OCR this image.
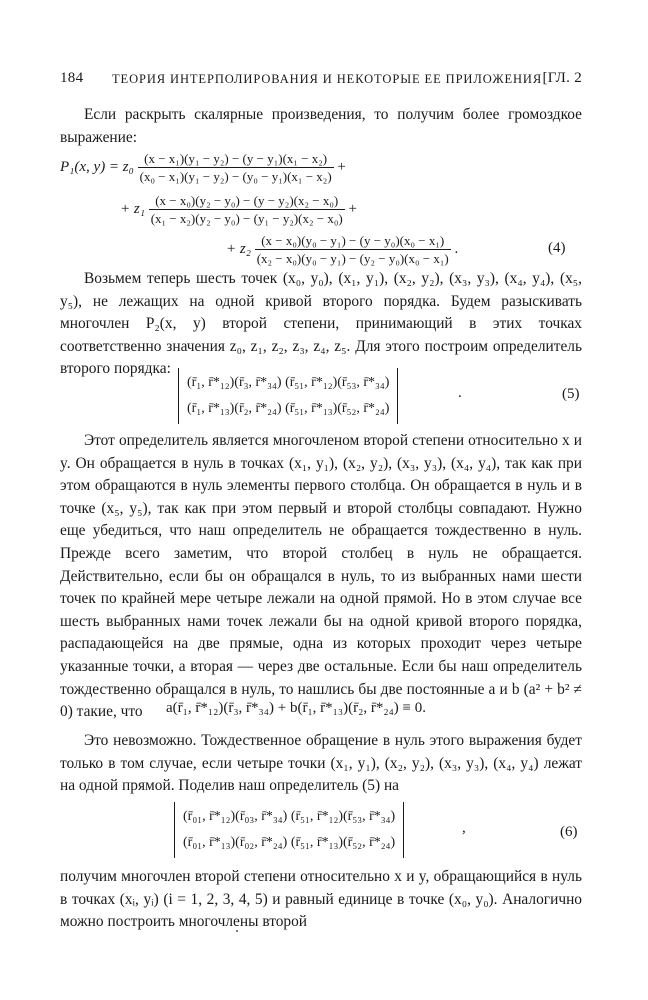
184 ТЕОРИЯ ИНТЕРПОЛИРОВАНИЯ И НЕКОТОРЫЕ ЕЕ ПРИЛОЖЕНИЯ [ГЛ. 2
Если раскрыть скалярные произведения, то получим более громоздкое выражение:
P₁(x, $y) = z_0 \frac{\text{(x − x₁)(y₁ − y₂) − (y − y₁)(x₁ − x₂)}}{\text{(x₀ − x₁)(y₁ − y₂) − (y₀ − y₁)(x₁ − x₂)}}$ +
+ $z_1 \frac{\text{(x − x₀)(y₂ − y₀) − (y − y₂)(x₂ − x₀)}}{\text{(x₁ − x₂)(y₂ − y₀) − (y₁ − y₂)(x₂ − x₀)}}$ +
+ $z_2 \frac{\text{(x − x₀)(y₀ − y₁) − (y − y₀)(x₀ − x₁)}}{\text{(x₂ − x₀)(y₀ − y₁) − (y₂ − y₀)(x₀ − x₁)}}$ .	(4)
Возьмем теперь шесть точек (x₀, y₀), (x₁, y₁), (x₂, y₂), (x₃, y₃), (x₄, y₄), (x₅, y₅), не лежащих на одной кривой второго порядка. Будем разыскивать многочлен P₂(x, y) второй степени, принимающий в этих точках соответственно значения z₀, z₁, z₂, z₃, z₄, z₅. Для этого построим определитель второго порядка:
(r̄₁, r̄*₁₂)(r̄₃, r̄*₃₄) (r̄₅₁, r̄*₁₂)(r̄₅₃, r̄*₃₄)
(r̄₁, r̄*₁₃)(r̄₂, r̄*₂₄) (r̄₅₁, r̄*₁₃)(r̄₅₂, r̄*₂₄)
.	(5)
Этот определитель является многочленом второй степени относительно x и y. Он обращается в нуль в точках (x₁, y₁), (x₂, y₂), (x₃, y₃), (x₄, y₄), так как при этом обращаются в нуль элементы первого столбца. Он обращается в нуль и в точке (x₅, y₅), так как при этом первый и второй столбцы совпадают. Нужно еще убедиться, что наш определитель не обращается тождественно в нуль. Прежде всего заметим, что второй столбец в нуль не обращается. Действительно, если бы он обращался в нуль, то из выбранных нами шести точек по крайней мере четыре лежали на одной прямой. Но в этом случае все шесть выбранных нами точек лежали бы на одной кривой второго порядка, распадающейся на две прямые, одна из которых проходит через четыре указанные точки, а вторая — через две остальные. Если бы наш определитель тождественно обращался в нуль, то нашлись бы две постоянные a и b (a² + b² ≠ 0) такие, что	a(r̄₁, r̄*₁₂)(r̄₃, r̄*₃₄) + b(r̄₁, r̄*₁₃)(r̄₂, r̄*₂₄) ≡ 0.
Это невозможно. Тождественное обращение в нуль этого выражения будет только в том случае, если четыре точки (x₁, y₁), (x₂, y₂), (x₃, y₃), (x₄, y₄) лежат на одной прямой. Поделив наш определитель (5) на
(r̄₀₁, r̄*₁₂)(r̄₀₃, r̄*₃₄) (r̄₅₁, r̄*₁₂)(r̄₅₃, r̄*₃₄)
(r̄₀₁, r̄*₁₃)(r̄₀₂, r̄*₂₄) (r̄₅₁, r̄*₁₃)(r̄₅₂, r̄*₂₄)
,	(6)
получим многочлен второй степени относительно x и y, обращающийся в нуль в точках (xᵢ, yᵢ) (i = 1, 2, 3, 4, 5) и равный единице в точке (x₀, y₀). Аналогично можно построить многочлены второй
